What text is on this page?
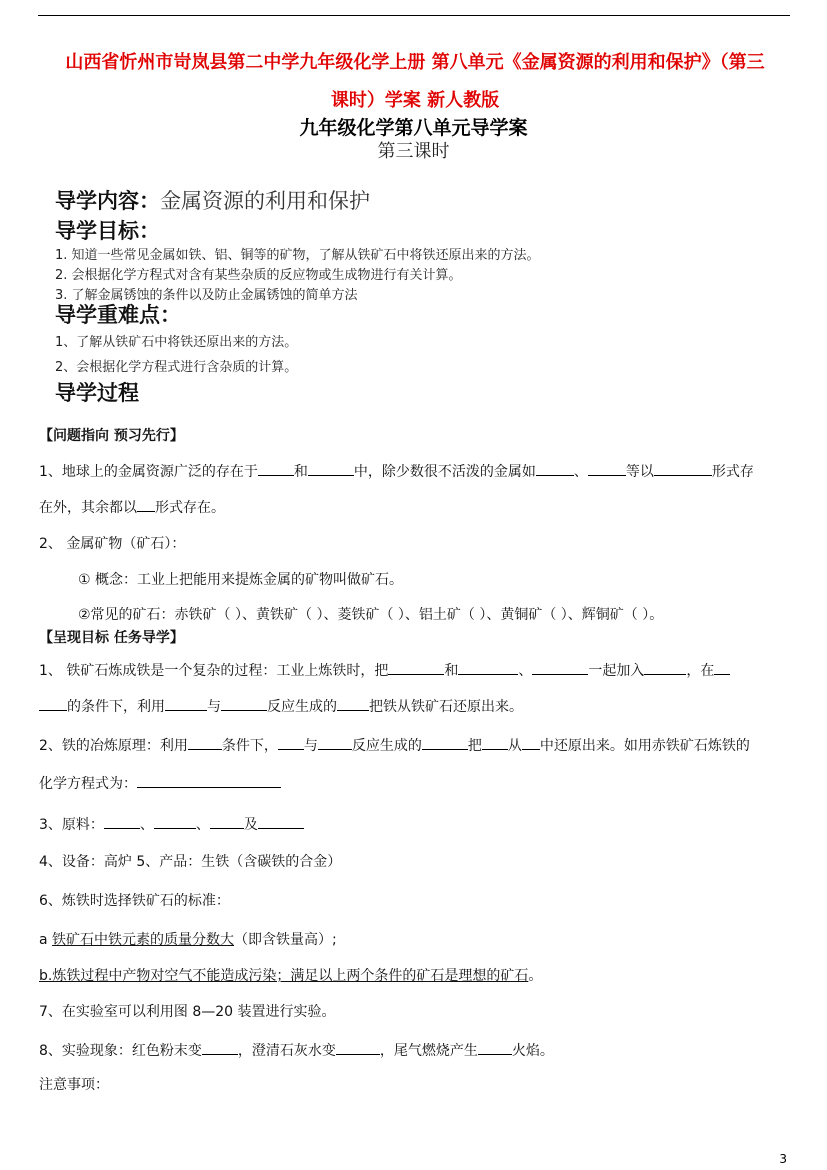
山西省忻州市岢岚县第二中学九年级化学上册 第八单元《金属资源的利用和保护》（第三
课时）学案 新人教版
九年级化学第八单元导学案
第三课时
导学内容：金属资源的利用和保护
导学目标：
1. 知道一些常见金属如铁、铝、铜等的矿物，了解从铁矿石中将铁还原出来的方法。
2. 会根据化学方程式对含有某些杂质的反应物或生成物进行有关计算。
3. 了解金属锈蚀的条件以及防止金属锈蚀的简单方法
导学重难点：
1、了解从铁矿石中将铁还原出来的方法。
2、会根据化学方程式进行含杂质的计算。
导学过程
【问题指向 预习先行】
1、地球上的金属资源广泛的存在于	和	中，除少数很不活泼的金属如	、	等以	形式存
在外，其余都以 形式存在。
2、 金属矿物（矿石）：
① 概念：工业上把能用来提炼金属的矿物叫做矿石。
②常见的矿石：赤铁矿（ ）、黄铁矿（ ）、菱铁矿（ ）、铝土矿（ ）、黄铜矿（ ）、辉铜矿（ ）。
【呈现目标 任务导学】
1、 铁矿石炼成铁是一个复杂的过程：工业上炼铁时，把	和	、	一起加入	，在
的条件下，利用	与	反应生成的 把铁从铁矿石还原出来。
2、铁的冶炼原理：利用 条件下， 与 反应生成的	把 从 中还原出来。如用赤铁矿石炼铁的
化学方程式为：
3、原料：	、	、 及
4、设备：高炉 5、产品：生铁（含碳铁的合金）
6、炼铁时选择铁矿石的标准：
a 铁矿石中铁元素的质量分数大（即含铁量高）;
b.炼铁过程中产物对空气不能造成污染；满足以上两个条件的矿石是理想的矿石。
7、在实验室可以利用图 8—20 装置进行实验。
8、实验现象：红色粉末变	，澄清石灰水变	，尾气燃烧产生 火焰。
注意事项：
3
